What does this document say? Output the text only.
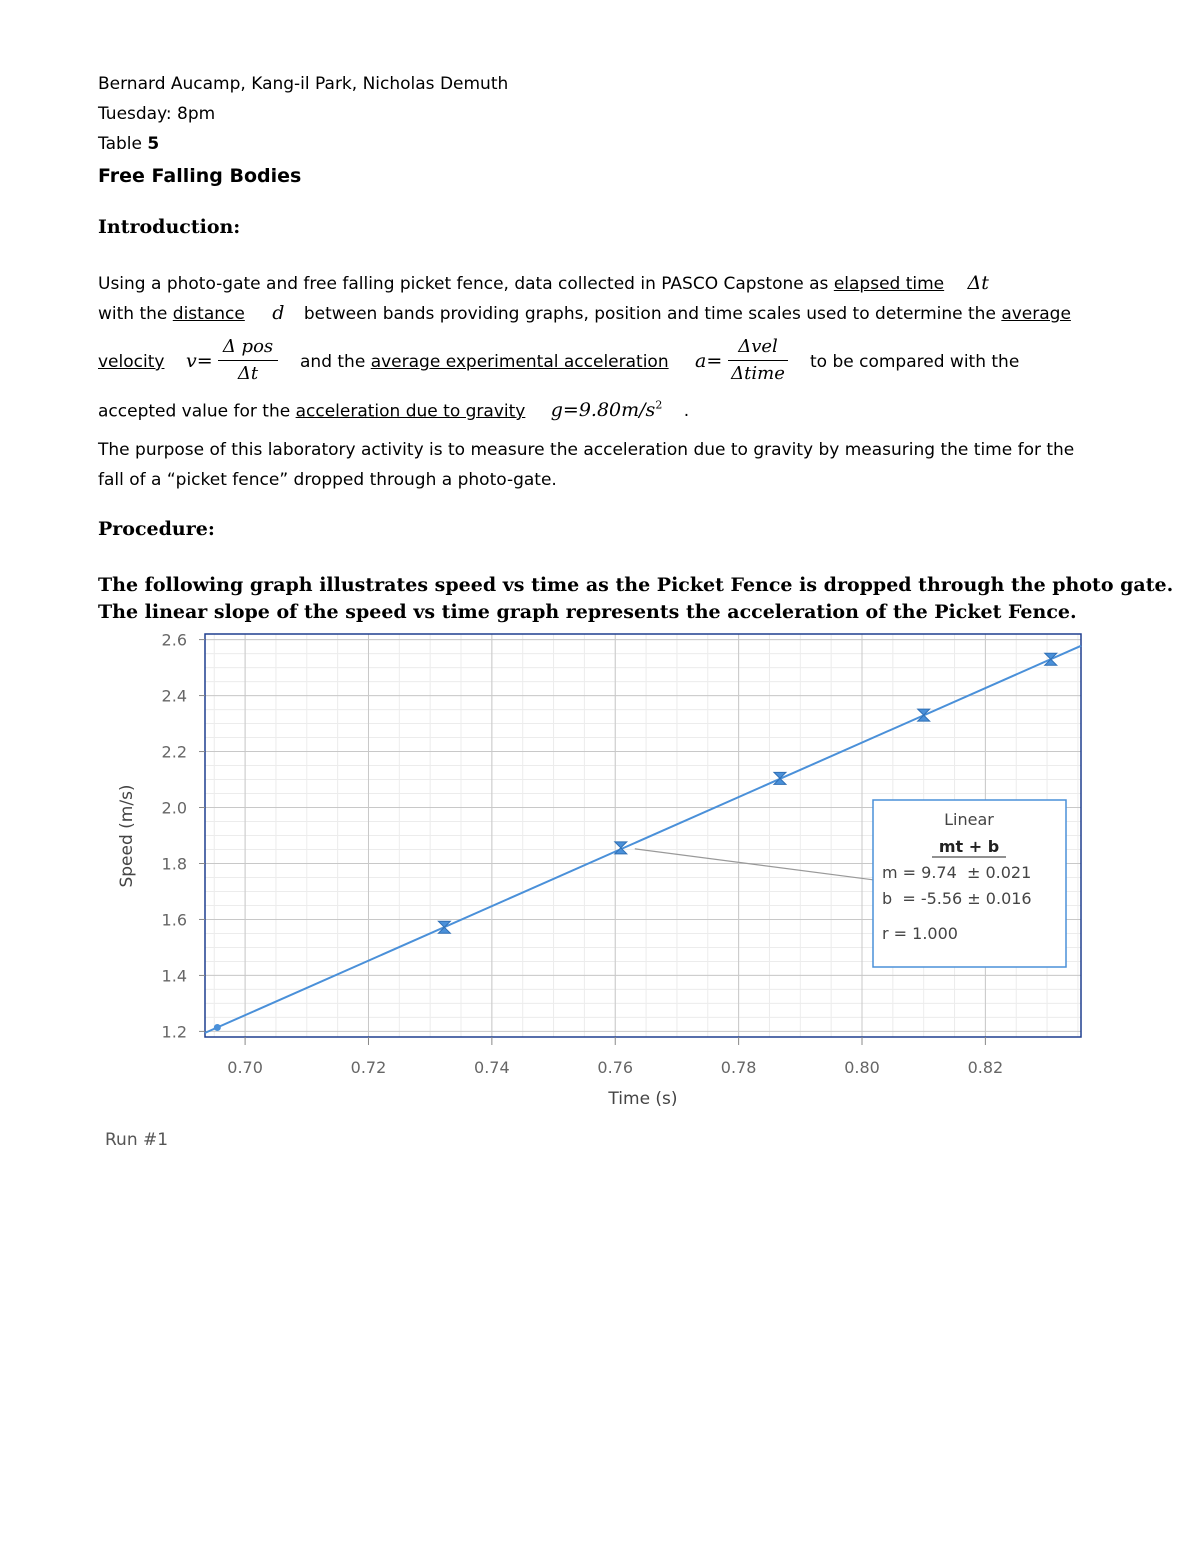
Bernard Aucamp, Kang-il Park, Nicholas Demuth
Tuesday: 8pm
Table 5
Free Falling Bodies
Introduction:
Using a photo-gate and free falling picket fence, data collected in PASCO Capstone as elapsed time Δt
with the distance d between bands providing graphs, position and time scales used to determine the average
velocity v=
Δ pos
Δt
and the average experimental acceleration a=
Δvel
Δtime
to be compared with the
accepted value for the acceleration due to gravity $g=9.80m/s^2$ .
The purpose of this laboratory activity is to measure the acceleration due to gravity by measuring the time for the
fall of a “picket fence” dropped through a photo-gate.
Procedure:
The following graph illustrates speed vs time as the Picket Fence is dropped through the photo gate.
The linear slope of the speed vs time graph represents the acceleration of the Picket Fence.
0.70	0.72	0.74	0.76	0.78	0.80	0.82
1.2
1.4
1.6
1.8
2.0
2.2
2.4
2.6
Speed (m/s)
Time (s)
Linear
mt + b
m = 9.74  ± 0.021
b  = -5.56 ± 0.016
r = 1.000
Run #1
